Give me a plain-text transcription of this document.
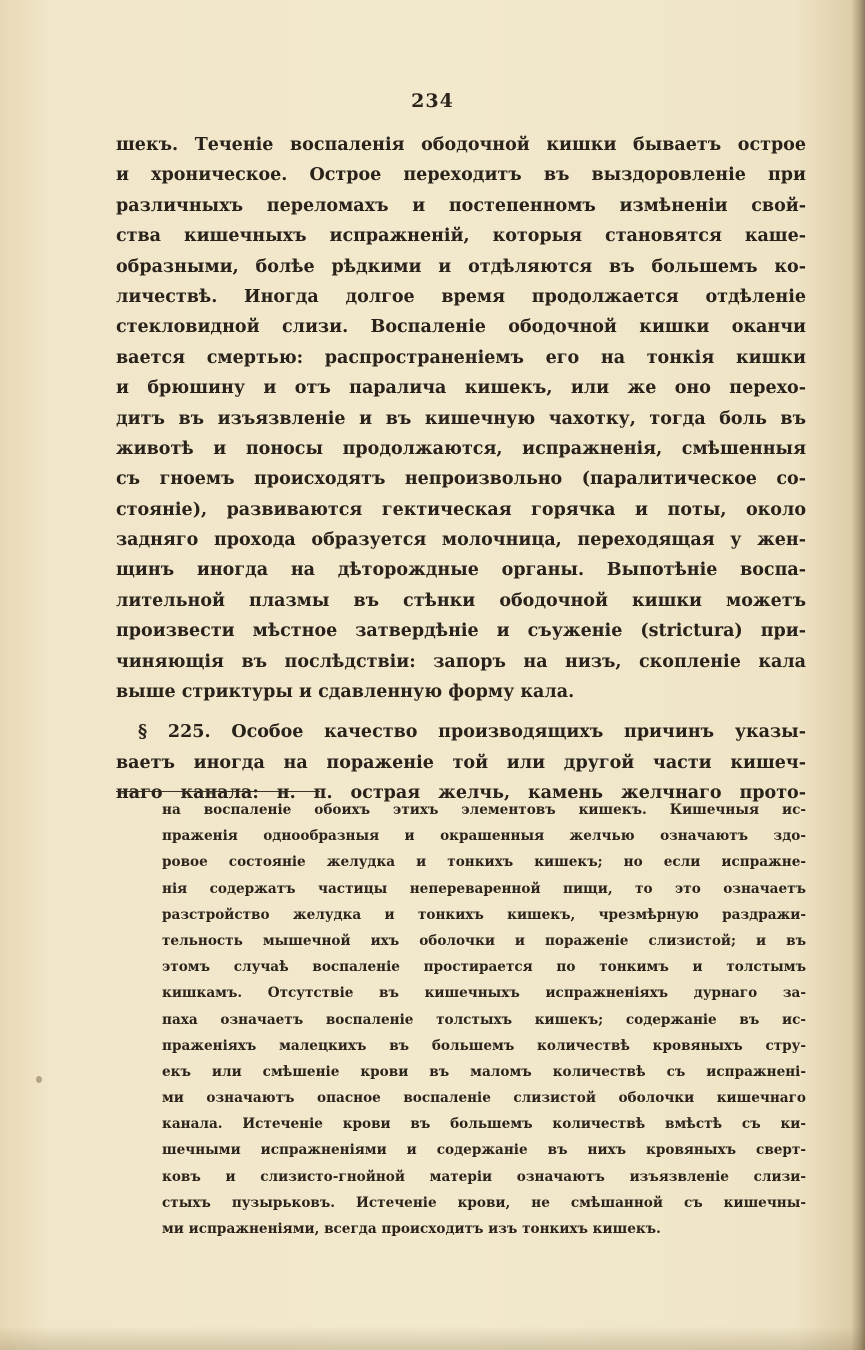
234
шекъ. Теченіе воспаленія ободочной кишки бываетъ острое
и хроническое. Острое переходитъ въ выздоровленіе при
различныхъ переломахъ и постепенномъ измѣненіи свой-
ства кишечныхъ испражненій, которыя становятся каше-
образными, болѣе рѣдкими и отдѣляются въ большемъ ко-
личествѣ. Иногда долгое время продолжается отдѣленіе
стекловидной слизи. Воспаленіе ободочной кишки оканчи
вается смертью: распространеніемъ его на тонкія кишки
и брюшину и отъ паралича кишекъ, или же оно перехо-
дитъ въ изъязвленіе и въ кишечную чахотку, тогда боль въ
животѣ и поносы продолжаются, испражненія, смѣшенныя
съ гноемъ происходятъ непроизвольно (паралитическое со-
стояніе), развиваются гектическая горячка и поты, около
задняго прохода образуется молочница, переходящая у жен-
щинъ иногда на дѣторождные органы. Выпотѣніе воспа-
лительной плазмы въ стѣнки ободочной кишки можетъ
произвести мѣстное затвердѣніе и съуженіе (strictura) при-
чиняющія въ послѣдствіи: запоръ на низъ, скопленіе кала
выше стриктуры и сдавленную форму кала.
§ 225. Особое качество производящихъ причинъ указы-
ваетъ иногда на пораженіе той или другой части кишеч-
наго канала: н. п. острая желчь, камень желчнаго прото-
на воспаленіе обоихъ этихъ элементовъ кишекъ. Кишечныя ис-
праженія однообразныя и окрашенныя желчью означаютъ здо-
ровое состояніе желудка и тонкихъ кишекъ; но если испражне-
нія содержатъ частицы непереваренной пищи, то это означаетъ
разстройство желудка и тонкихъ кишекъ, чрезмѣрную раздражи-
тельность мышечной ихъ оболочки и пораженіе слизистой; и въ
этомъ случаѣ воспаленіе простирается по тонкимъ и толстымъ
кишкамъ. Отсутствіе въ кишечныхъ испражненіяхъ дурнаго за-
паха означаетъ воспаленіе толстыхъ кишекъ; содержаніе въ ис-
праженіяхъ малецкихъ въ большемъ количествѣ кровяныхъ стру-
екъ или смѣшеніе крови въ маломъ количествѣ съ испражнені-
ми означаютъ опасное воспаленіе слизистой оболочки кишечнаго
канала. Истеченіе крови въ большемъ количествѣ вмѣстѣ съ ки-
шечными испражненіями и содержаніе въ нихъ кровяныхъ сверт-
ковъ и слизисто-гнойной матеріи означаютъ изъязвленіе слизи-
стыхъ пузырьковъ. Истеченіе крови, не смѣшанной съ кишечны-
ми испражненіями, всегда происходитъ изъ тонкихъ кишекъ.
